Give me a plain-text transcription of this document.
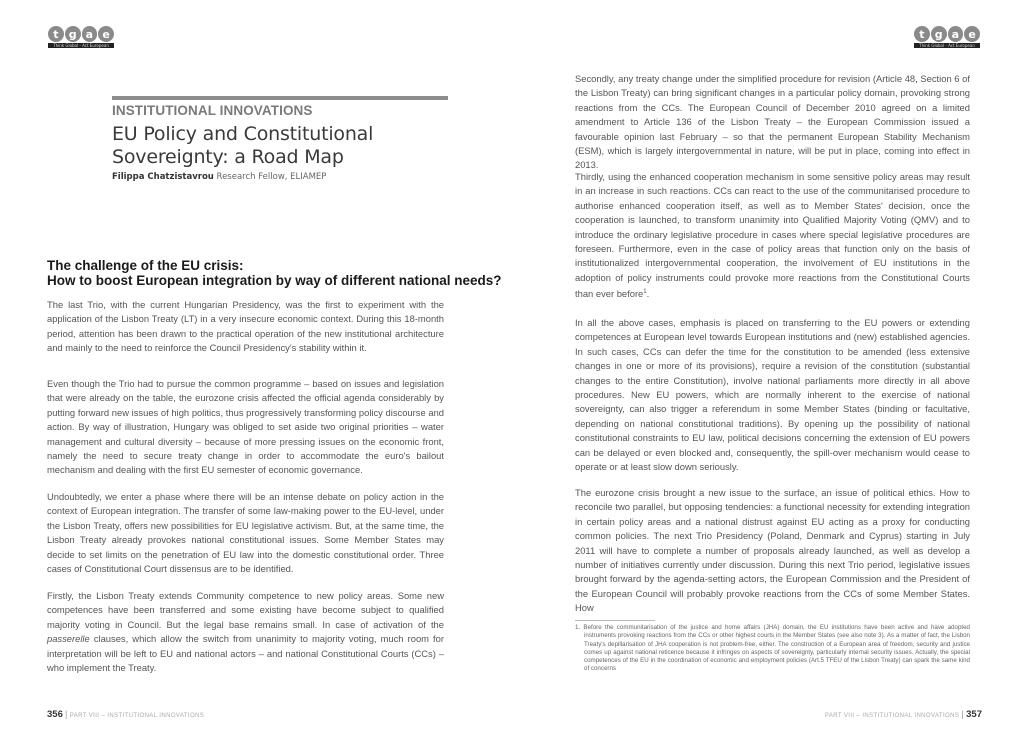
t g a e
Think Global - Act European
INSTITUTIONAL INNOVATIONS
EU Policy and Constitutional Sovereignty: a Road Map
Filippa Chatzistavrou Research Fellow, ELIAMEP
The challenge of the EU crisis:
How to boost European integration by way of different national needs?

The last Trio, with the current Hungarian Presidency, was the first to experiment with the application of the Lisbon Treaty (LT) in a very insecure economic context. During this 18-month period, attention has been drawn to the practical operation of the new institutional architecture and mainly to the need to reinforce the Council Presidency's stability within it.

Even though the Trio had to pursue the common programme – based on issues and legislation that were already on the table, the eurozone crisis affected the official agenda considerably by putting forward new issues of high politics, thus progressively transforming policy discourse and action. By way of illustration, Hungary was obliged to set aside two original priorities – water management and cultural diversity – because of more pressing issues on the economic front, namely the need to secure treaty change in order to accommodate the euro's bailout mechanism and dealing with the first EU semester of economic governance.

Undoubtedly, we enter a phase where there will be an intense debate on policy action in the context of European integration. The transfer of some law-making power to the EU-level, under the Lisbon Treaty, offers new possibilities for EU legislative activism. But, at the same time, the Lisbon Treaty already provokes national constitutional issues. Some Member States may decide to set limits on the penetration of EU law into the domestic constitutional order. Three cases of Constitutional Court dissensus are to be identified.

Firstly, the Lisbon Treaty extends Community competence to new policy areas. Some new competences have been transferred and some existing have become subject to qualified majority voting in Council. But the legal base remains small. In case of activation of the passerelle clauses, which allow the switch from unanimity to majority voting, much room for interpretation will be left to EU and national actors – and national Constitutional Courts (CCs) – who implement the Treaty.

356 | PART VIII – INSTITUTIONAL INNOVATIONS
t g a e
Think Global - Act European

Secondly, any treaty change under the simplified procedure for revision (Article 48, Section 6 of the Lisbon Treaty) can bring significant changes in a particular policy domain, provoking strong reactions from the CCs. The European Council of December 2010 agreed on a limited amendment to Article 136 of the Lisbon Treaty – the European Commission issued a favourable opinion last February – so that the permanent European Stability Mechanism (ESM), which is largely intergovernmental in nature, will be put in place, coming into effect in 2013.

Thirdly, using the enhanced cooperation mechanism in some sensitive policy areas may result in an increase in such reactions. CCs can react to the use of the communitarised procedure to authorise enhanced cooperation itself, as well as to Member States' decision, once the cooperation is launched, to transform unanimity into Qualified Majority Voting (QMV) and to introduce the ordinary legislative procedure in cases where special legislative procedures are foreseen. Furthermore, even in the case of policy areas that function only on the basis of institutionalized intergovernmental cooperation, the involvement of EU institutions in the adoption of policy instruments could provoke more reactions from the Constitutional Courts than ever before$^1$.

In all the above cases, emphasis is placed on transferring to the EU powers or extending competences at European level towards European institutions and (new) established agencies. In such cases, CCs can defer the time for the constitution to be amended (less extensive changes in one or more of its provisions), require a revision of the constitution (substantial changes to the entire Constitution), involve national parliaments more directly in all above procedures. New EU powers, which are normally inherent to the exercise of national sovereignty, can also trigger a referendum in some Member States (binding or facultative, depending on national constitutional traditions). By opening up the possibility of national constitutional constraints to EU law, political decisions concerning the extension of EU powers can be delayed or even blocked and, consequently, the spill-over mechanism would cease to operate or at least slow down seriously.

The eurozone crisis brought a new issue to the surface, an issue of political ethics. How to reconcile two parallel, but opposing tendencies: a functional necessity for extending integration in certain policy areas and a national distrust against EU acting as a proxy for conducting common policies. The next Trio Presidency (Poland, Denmark and Cyprus) starting in July 2011 will have to complete a number of proposals already launched, as well as develop a number of initiatives currently under discussion. During this next Trio period, legislative issues brought forward by the agenda-setting actors, the European Commission and the President of the European Council will probably provoke reactions from the CCs of some Member States. How

1. Before the communitarisation of the justice and home affairs (JHA) domain, the EU institutions have been active and have adopted instruments provoking reactions from the CCs or other highest courts in the Member States (see also note 3). As a matter of fact, the Lisbon Treaty's depillarisation of JHA cooperation is not problem-free, either. The construction of a European area of freedom, security and justice comes up against national reticence because it infringes on aspects of sovereignty, particularly internal security issues. Actually, the special competences of the EU in the coordination of economic and employment policies (Art.5 TFEU of the Lisbon Treaty) can spark the same kind of concerns

PART VIII – INSTITUTIONAL INNOVATIONS | 357
